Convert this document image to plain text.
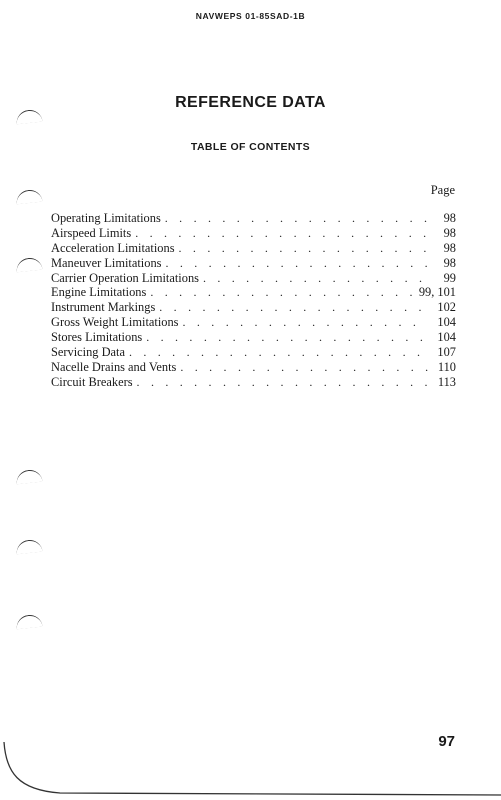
NAVWEPS 01-85SAD-1B
REFERENCE DATA
TABLE OF CONTENTS
Page
Operating Limitations . . .	98
Airspeed Limits . . .	98
Acceleration Limitations . . .	98
Maneuver Limitations . . .	98
Carrier Operation Limitations . . .	99
Engine Limitations . . .	99, 101
Instrument Markings . . .	102
Gross Weight Limitations . . .	104
Stores Limitations . . .	104
Servicing Data . . .	107
Nacelle Drains and Vents . . .	110
Circuit Breakers . . .	113
97
